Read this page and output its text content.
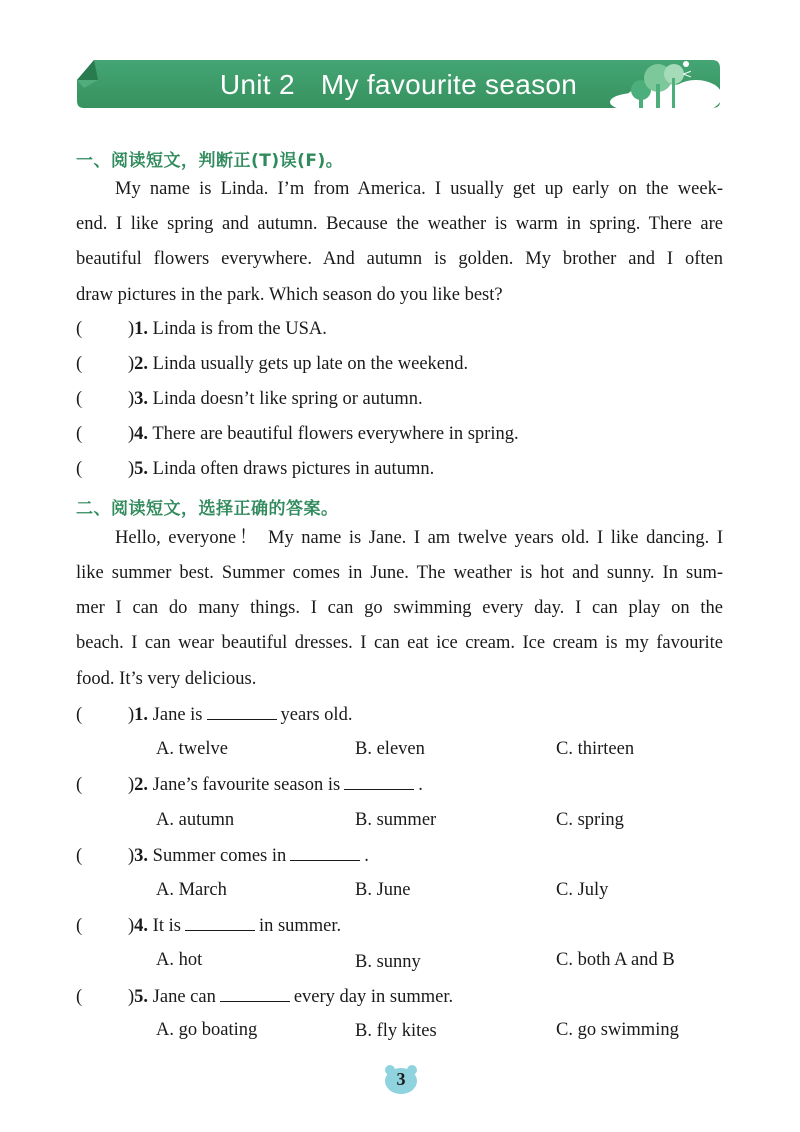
<
Unit 2 My favourite season
一、阅读短文，判断正(T)误(F)。
My name is Linda. I’m from America. I usually get up early on the week-
end. I like spring and autumn. Because the weather is warm in spring. There are
beautiful flowers everywhere. And autumn is golden. My brother and I often
draw pictures in the park. Which season do you like best?
( )1. Linda is from the USA.
( )2. Linda usually gets up late on the weekend.
( )3. Linda doesn’t like spring or autumn.
( )4. There are beautiful flowers everywhere in spring.
( )5. Linda often draws pictures in autumn.
二、阅读短文，选择正确的答案。
Hello, everyone！ My name is Jane. I am twelve years old. I like dancing. I
like summer best. Summer comes in June. The weather is hot and sunny. In sum-
mer I can do many things. I can go swimming every day. I can play on the
beach. I can wear beautiful dresses. I can eat ice cream. Ice cream is my favourite
food. It’s very delicious.
( )1. Jane is	years old.
A. twelve	B. eleven	C. thirteen
( )2. Jane’s favourite season is	.
A. autumn	B. summer	C. spring
( )3. Summer comes in	.
A. March	B. June	C. July
( )4. It is	in summer.
A. hot	B. sunny	C. both A and B
( )5. Jane can	every day in summer.
A. go boating	B. fly kites	C. go swimming
3
